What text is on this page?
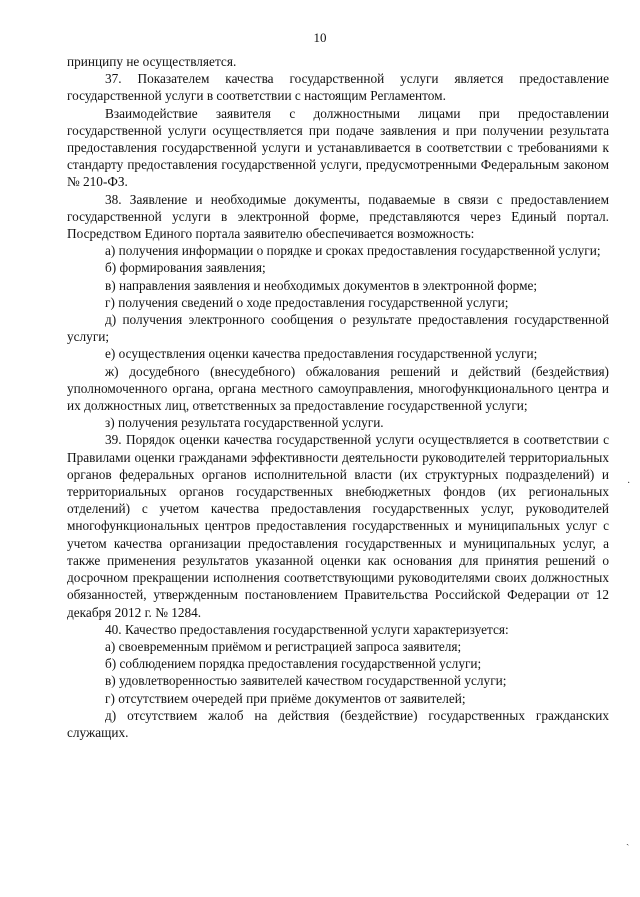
10

принципу не осуществляется.

37. Показателем качества государственной услуги является предоставление государственной услуги в соответствии с настоящим Регламентом.

Взаимодействие заявителя с должностными лицами при предоставлении государственной услуги осуществляется при подаче заявления и при получении результата предоставления государственной услуги и устанавливается в соответствии с требованиями к стандарту предоставления государственной услуги, предусмотренными Федеральным законом № 210-ФЗ.

38. Заявление и необходимые документы, подаваемые в связи с предоставлением государственной услуги в электронной форме, представляются через Единый портал. Посредством Единого портала заявителю обеспечивается возможность:

а) получения информации о порядке и сроках предоставления государственной услуги;

б) формирования заявления;

в) направления заявления и необходимых документов в электронной форме;

г) получения сведений о ходе предоставления государственной услуги;

д) получения электронного сообщения о результате предоставления государственной услуги;

е) осуществления оценки качества предоставления государственной услуги;

ж) досудебного (внесудебного) обжалования решений и действий (бездействия) уполномоченного органа, органа местного самоуправления, многофункционального центра и их должностных лиц, ответственных за предоставление государственной услуги;

з) получения результата государственной услуги.

39. Порядок оценки качества государственной услуги осуществляется в соответствии с Правилами оценки гражданами эффективности деятельности руководителей территориальных органов федеральных органов исполнительной власти (их структурных подразделений) и территориальных органов государственных внебюджетных фондов (их региональных отделений) с учетом качества предоставления государственных услуг, руководителей многофункциональных центров предоставления государственных и муниципальных услуг с учетом качества организации предоставления государственных и муниципальных услуг, а также применения результатов указанной оценки как основания для принятия решений о досрочном прекращении исполнения соответствующими руководителями своих должностных обязанностей, утвержденным постановлением Правительства Российской Федерации от 12 декабря 2012 г. № 1284.

40. Качество предоставления государственной услуги характеризуется:

а) своевременным приёмом и регистрацией запроса заявителя;

б) соблюдением порядка предоставления государственной услуги;

в) удовлетворенностью заявителей качеством государственной услуги;

г) отсутствием очередей при приёме документов от заявителей;

д) отсутствием жалоб на действия (бездействие) государственных гражданских служащих.

·
ˏ
